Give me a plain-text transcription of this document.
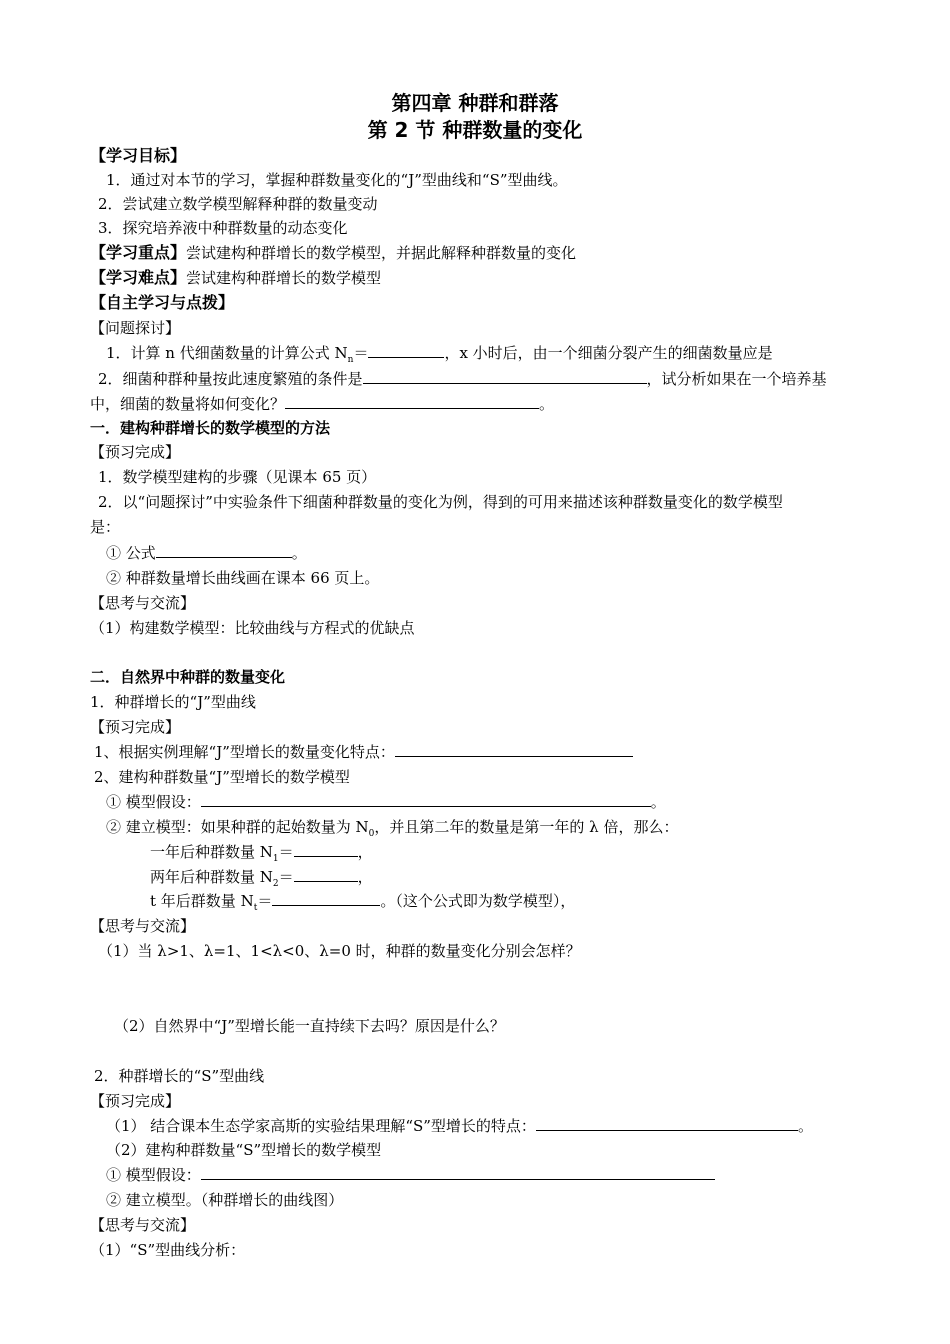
第四章 种群和群落
第 2 节 种群数量的变化
【学习目标】
1．通过对本节的学习，掌握种群数量变化的“J”型曲线和“S”型曲线。
2．尝试建立数学模型解释种群的数量变动
3．探究培养液中种群数量的动态变化
【学习重点】尝试建构种群增长的数学模型，并据此解释种群数量的变化
【学习难点】尝试建构种群增长的数学模型
【自主学习与点拨】
【问题探讨】
1．计算 n 代细菌数量的计算公式 $N_n=$	，x 小时后，由一个细菌分裂产生的细菌数量应是
2．细菌种群种量按此速度繁殖的条件是	，试分析如果在一个培养基
中，细菌的数量将如何变化？	。
一．建构种群增长的数学模型的方法
【预习完成】
1．数学模型建构的步骤（见课本 65 页）
2．以“问题探讨”中实验条件下细菌种群数量的变化为例，得到的可用来描述该种群数量变化的数学模型
是：
① 公式	。
② 种群数量增长曲线画在课本 66 页上。
【思考与交流】
（1）构建数学模型：比较曲线与方程式的优缺点
二．自然界中种群的数量变化
1．种群增长的“J”型曲线
【预习完成】
1、根据实例理解“J”型增长的数量变化特点：
2、建构种群数量“J”型增长的数学模型
① 模型假设：	。
② 建立模型：如果种群的起始数量为 $N_0$，并且第二年的数量是第一年的 λ 倍，那么：
一年后种群数量 $N_1=$	，
两年后种群数量 $N_2=$	，
t 年后群数量 $N_t=$	。（这个公式即为数学模型），
【思考与交流】
（1）当 λ>1、λ=1、1<λ<0、λ=0 时，种群的数量变化分别会怎样？
（2）自然界中“J”型增长能一直持续下去吗？原因是什么？
2．种群增长的“S”型曲线
【预习完成】
（1） 结合课本生态学家高斯的实验结果理解“S”型增长的特点：	。
（2）建构种群数量“S”型增长的数学模型
① 模型假设：
② 建立模型。（种群增长的曲线图）
【思考与交流】
（1）“S”型曲线分析：
